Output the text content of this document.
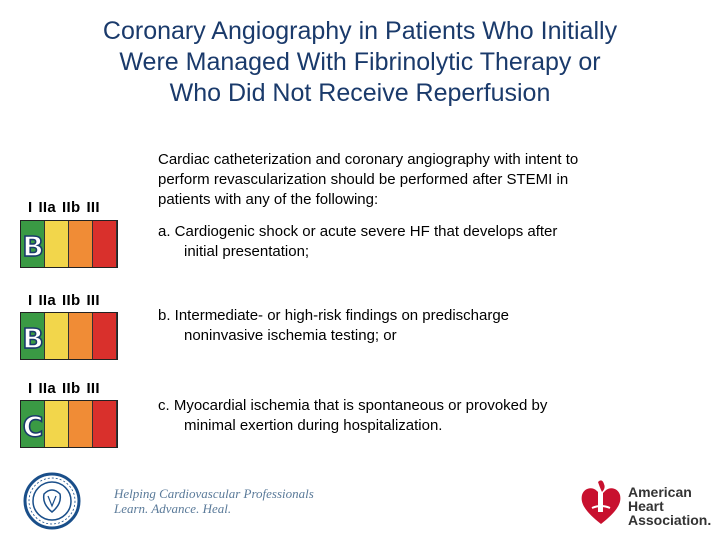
Coronary Angiography in Patients Who Initially
Were Managed With Fibrinolytic Therapy or
Who Did Not Receive Reperfusion
I IIa IIb III
B
I IIa IIb III
B
I IIa IIb III
C
Cardiac catheterization and coronary angiography with intent to
perform revascularization should be performed after STEMI in
patients with any of the following:
a. Cardiogenic shock or acute severe HF that develops after
initial presentation;
b. Intermediate- or high-risk findings on predischarge
noninvasive ischemia testing; or
c. Myocardial ischemia that is spontaneous or provoked by
minimal exertion during hospitalization.
Helping Cardiovascular Professionals
Learn. Advance. Heal.
American
Heart
Association.
